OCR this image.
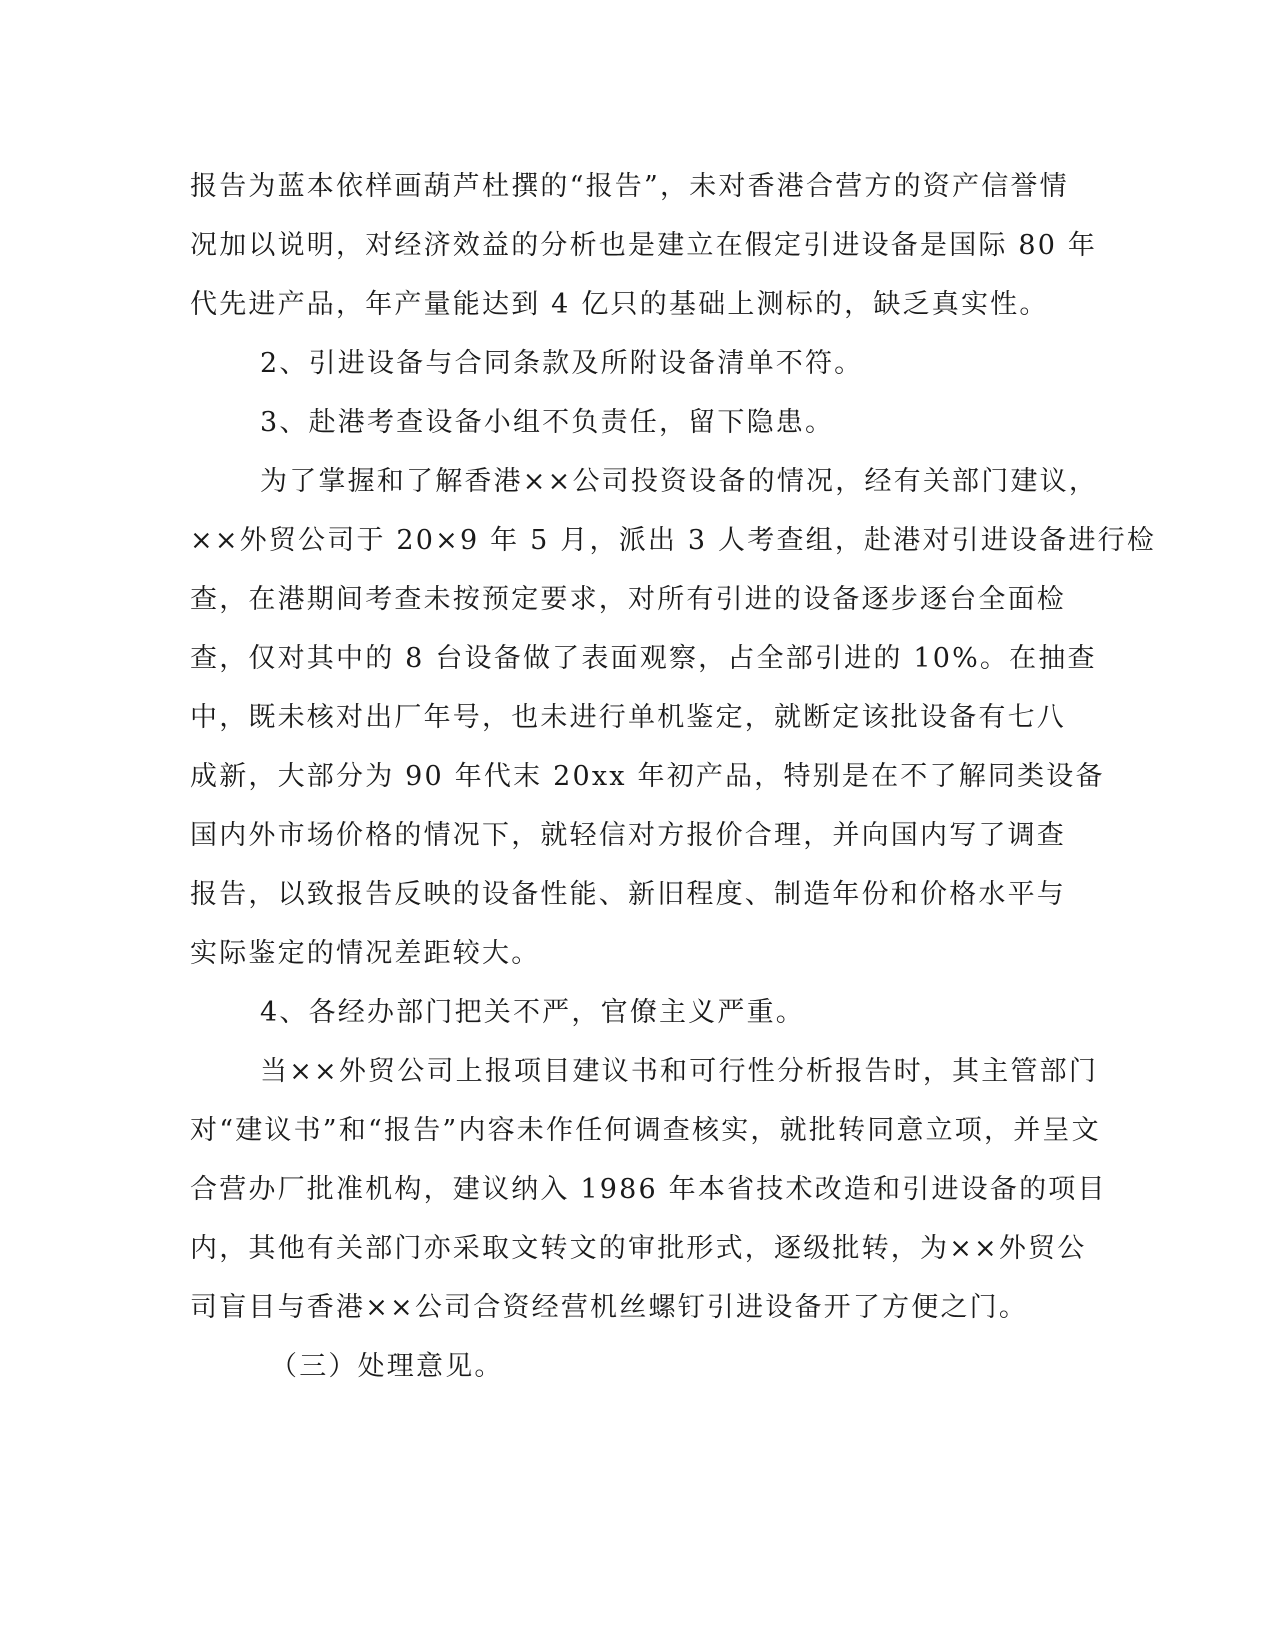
报告为蓝本依样画葫芦杜撰的“报告”，未对香港合营方的资产信誉情
况加以说明，对经济效益的分析也是建立在假定引进设备是国际 80 年
代先进产品，年产量能达到 4 亿只的基础上测标的，缺乏真实性。
2、引进设备与合同条款及所附设备清单不符。
3、赴港考查设备小组不负责任，留下隐患。
为了掌握和了解香港××公司投资设备的情况，经有关部门建议，
××外贸公司于 20×9 年 5 月，派出 3 人考查组，赴港对引进设备进行检
查，在港期间考查未按预定要求，对所有引进的设备逐步逐台全面检
查，仅对其中的 8 台设备做了表面观察，占全部引进的 10%。在抽查
中，既未核对出厂年号，也未进行单机鉴定，就断定该批设备有七八
成新，大部分为 90 年代末 20xx 年初产品，特别是在不了解同类设备
国内外市场价格的情况下，就轻信对方报价合理，并向国内写了调查
报告，以致报告反映的设备性能、新旧程度、制造年份和价格水平与
实际鉴定的情况差距较大。
4、各经办部门把关不严，官僚主义严重。
当××外贸公司上报项目建议书和可行性分析报告时，其主管部门
对“建议书”和“报告”内容未作任何调查核实，就批转同意立项，并呈文
合营办厂批准机构，建议纳入 1986 年本省技术改造和引进设备的项目
内，其他有关部门亦采取文转文的审批形式，逐级批转，为××外贸公
司盲目与香港××公司合资经营机丝螺钉引进设备开了方便之门。
（三）处理意见。
